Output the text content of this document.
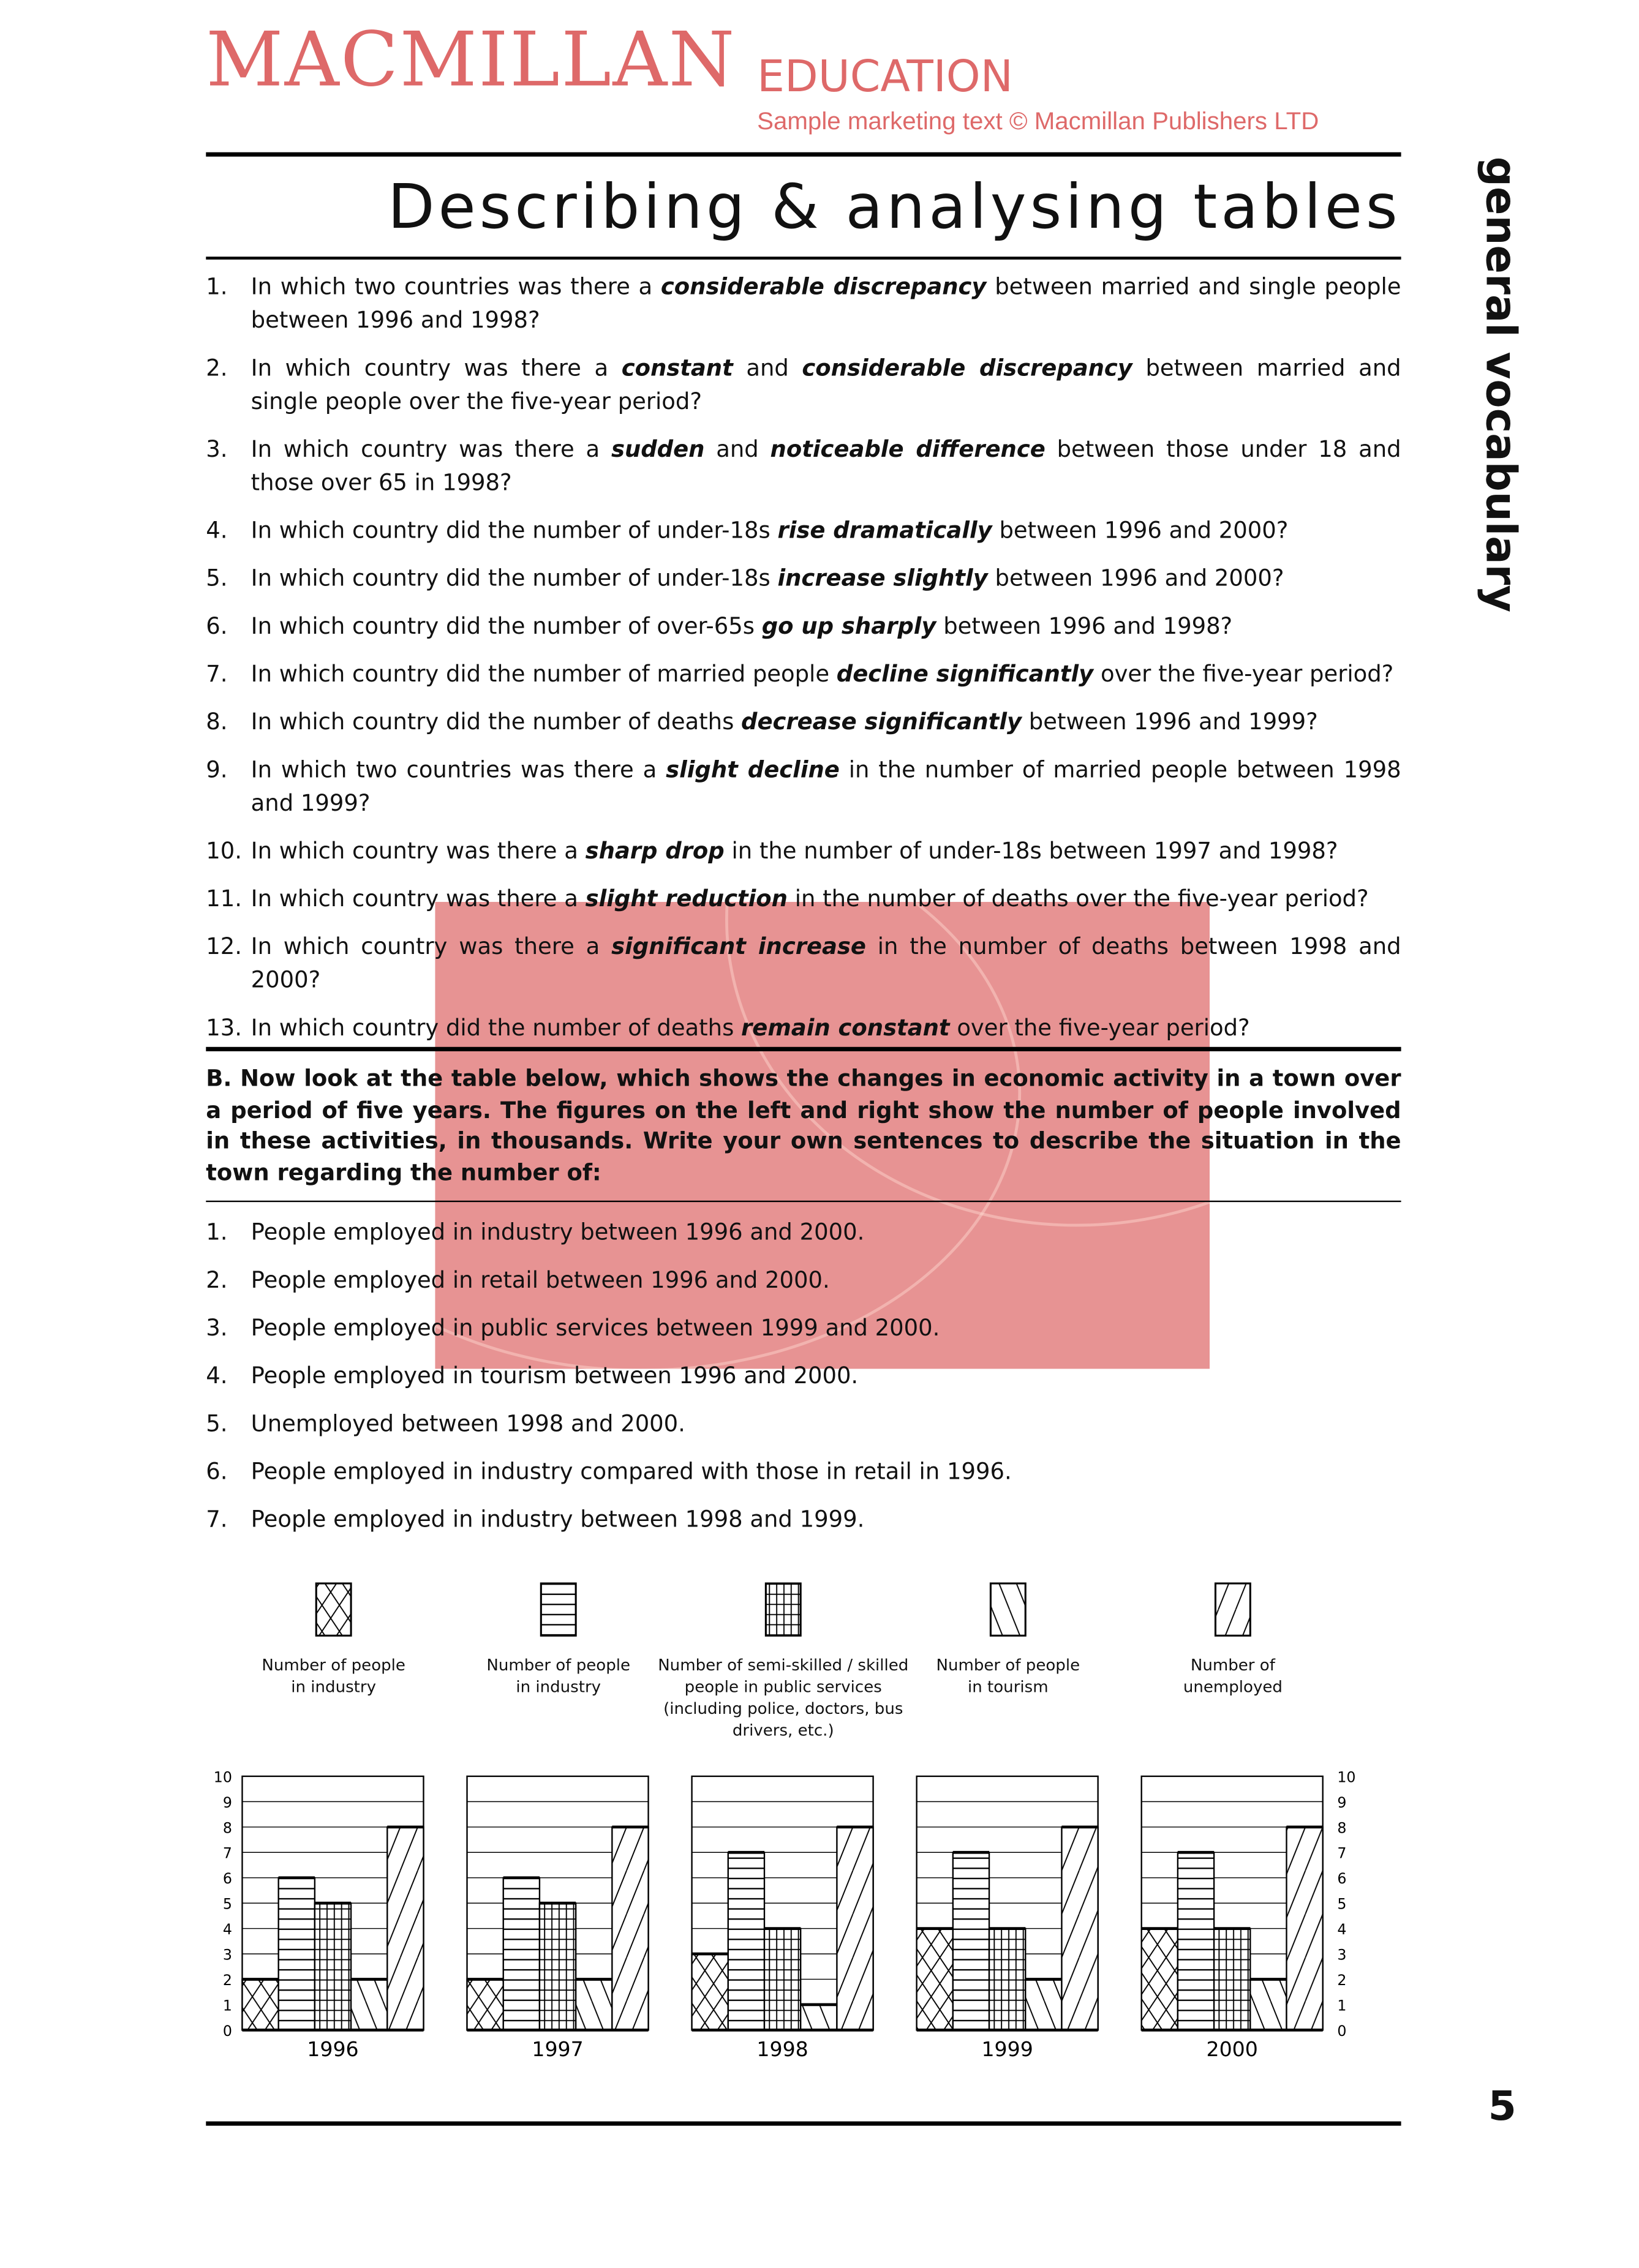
MACMILLAN EDUCATION
Sample marketing text © Macmillan Publishers LTD
Describing & analysing tables	general vocabulary
1.	In which two countries was there a considerable discrepancy between married and single people between 1996 and 1998?
2.	In which country was there a constant and considerable discrepancy between married and single people over the five-year period?
3.	In which country was there a sudden and noticeable difference between those under 18 and those over 65 in 1998?
4.	In which country did the number of under-18s rise dramatically between 1996 and 2000?
5.	In which country did the number of under-18s increase slightly between 1996 and 2000?
6.	In which country did the number of over-65s go up sharply between 1996 and 1998?
7.	In which country did the number of married people decline significantly over the five-year period?
8.	In which country did the number of deaths decrease significantly between 1996 and 1999?
9.	In which two countries was there a slight decline in the number of married people between 1998 and 1999?
10. In which country was there a sharp drop in the number of under-18s between 1997 and 1998?
11. In which country was there a slight reduction in the number of deaths over the five-year period?
12. In which country was there a significant increase in the number of deaths between 1998 and 2000?
13. In which country did the number of deaths remain constant over the five-year period?
B. Now look at the table below, which shows the changes in economic activity in a town over a period of five years. The figures on the left and right show the number of people involved in these activities, in thousands. Write your own sentences to describe the situation in the town regarding the number of:
1.	People employed in industry between 1996 and 2000.
2.	People employed in retail between 1996 and 2000.
3.	People employed in public services between 1999 and 2000.
4.	People employed in tourism between 1996 and 2000.
5.	Unemployed between 1998 and 2000.
6.	People employed in industry compared with those in retail in 1996.
7.	People employed in industry between 1998 and 1999.
1996	1997	1998	1999	2000
0	0
1	1
2	2
3	3
4	4
5	5
6	6
7	7
8	8
9	9
10	10
Number of people in industry
Number of people in industry
Number of semi-skilled / skilled people in public services (including police, doctors, bus drivers, etc.)
Number of people in tourism
Number of unemployed
5
